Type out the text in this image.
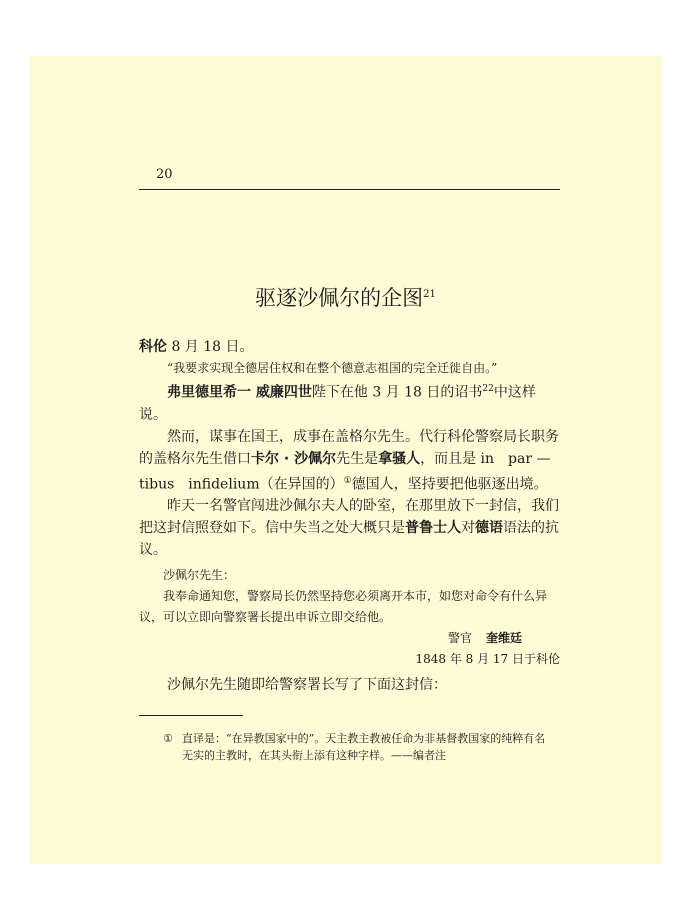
20
驱逐沙佩尔的企图$^{21}$

科伦 8 月 18 日。

“我要求实现全德居住权和在整个德意志祖国的完全迁徙自由。”

弗里德里希一 威廉四世陛下在他 3 月 18 日的诏书$^{22}$中这样说。

然而，谋事在国王，成事在盖格尔先生。代行科伦警察局长职务的盖格尔先生借口卡尔 · 沙佩尔先生是拿骚人，而且是 in　par — tibus　infidelium（在异国的）①德国人，坚持要把他驱逐出境。

昨天一名警官闯进沙佩尔夫人的卧室，在那里放下一封信，我们把这封信照登如下。信中失当之处大概只是普鲁士人对德语语法的抗议。

沙佩尔先生：
我奉命通知您，警察局长仍然坚持您必须离开本市，如您对命令有什么异议，可以立即向警察署长提出申诉立即交给他。
警官 奎维廷
1848 年 8 月 17 日于科伦

沙佩尔先生随即给警察署长写了下面这封信：

① 直译是：“在异教国家中的”。天主教主教被任命为非基督教国家的纯粹有名
无实的主教时，在其头衔上添有这种字样。——编者注
